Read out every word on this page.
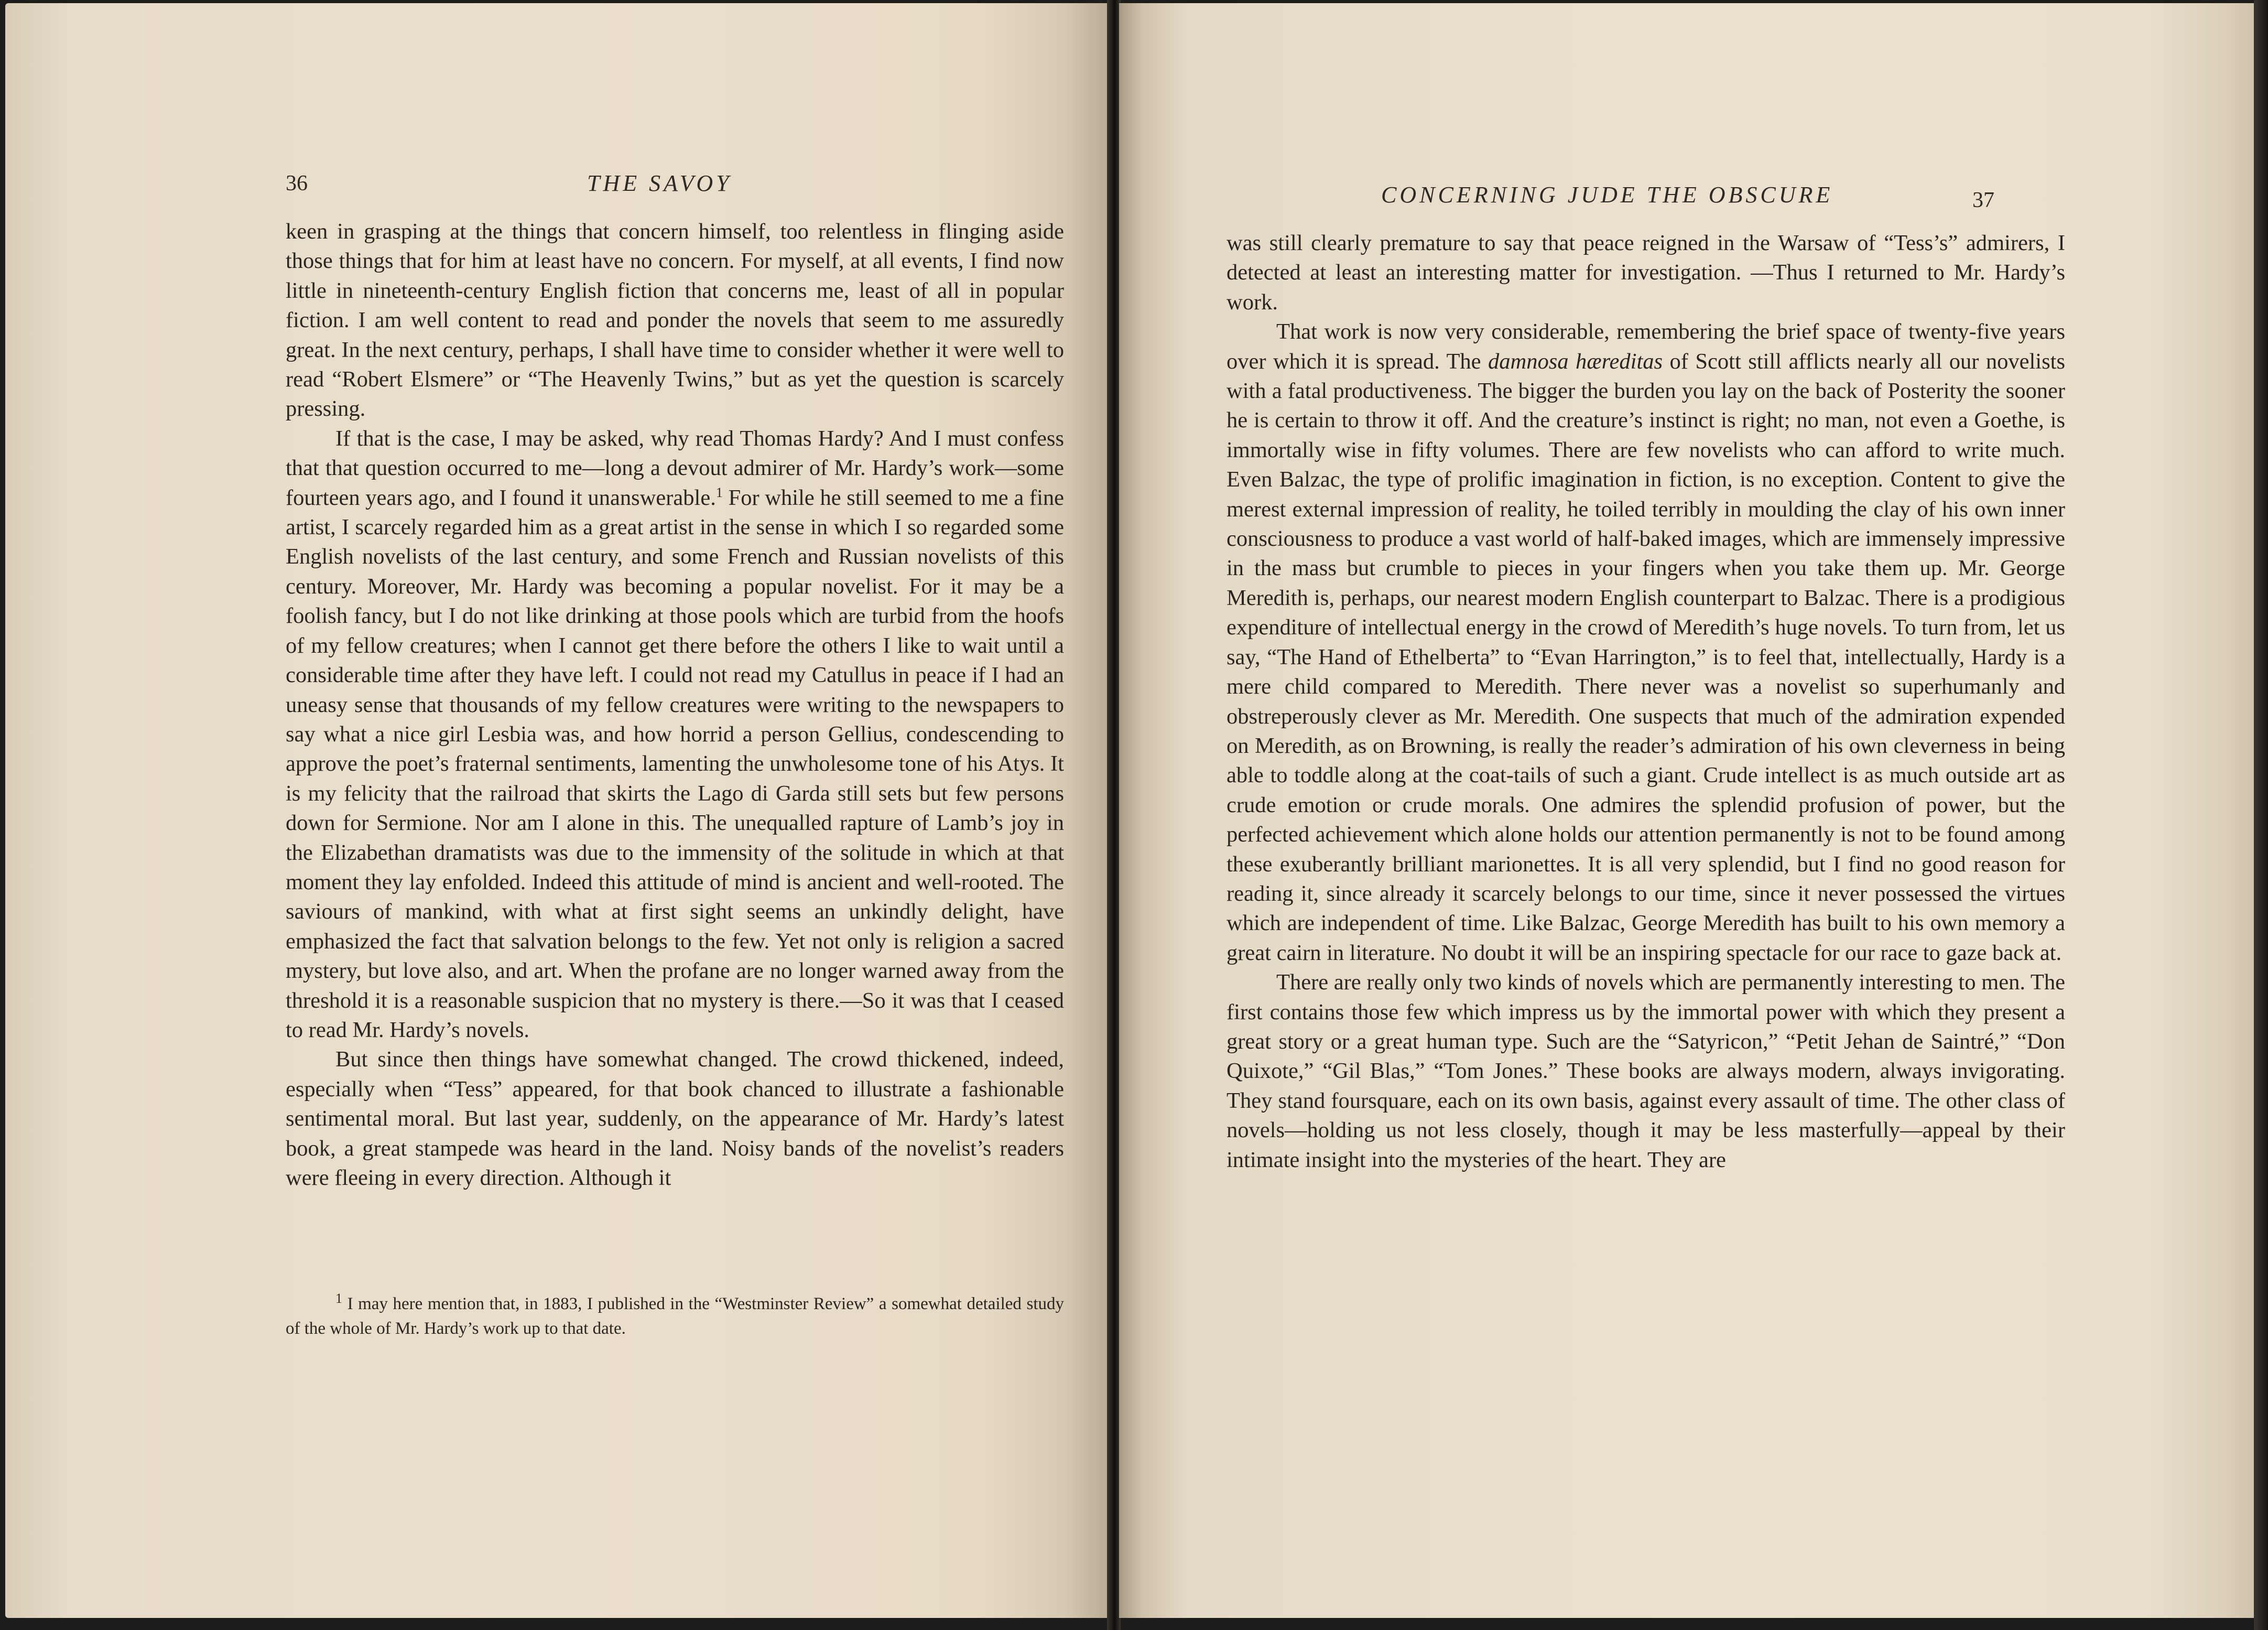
36	THE SAVOY

keen in grasping at the things that concern himself, too relentless in flinging aside those things that for him at least have no concern. For myself, at all events, I find now little in nineteenth-century English fiction that concerns me, least of all in popular fiction. I am well content to read and ponder the novels that seem to me assuredly great. In the next century, perhaps, I shall have time to consider whether it were well to read “Robert Elsmere” or “The Heavenly Twins,” but as yet the question is scarcely pressing.

If that is the case, I may be asked, why read Thomas Hardy? And I must confess that that question occurred to me—long a devout admirer of Mr. Hardy’s work—some fourteen years ago, and I found it unanswerable.$^1$ For while he still seemed to me a fine artist, I scarcely regarded him as a great artist in the sense in which I so regarded some English novelists of the last century, and some French and Russian novelists of this century. Moreover, Mr. Hardy was becoming a popular novelist. For it may be a foolish fancy, but I do not like drinking at those pools which are turbid from the hoofs of my fellow creatures; when I cannot get there before the others I like to wait until a considerable time after they have left. I could not read my Catullus in peace if I had an uneasy sense that thousands of my fellow creatures were writing to the newspapers to say what a nice girl Lesbia was, and how horrid a person Gellius, condescending to approve the poet’s fraternal sentiments, lamenting the unwholesome tone of his Atys. It is my felicity that the railroad that skirts the Lago di Garda still sets but few persons down for Sermione. Nor am I alone in this. The unequalled rapture of Lamb’s joy in the Elizabethan dramatists was due to the immensity of the solitude in which at that moment they lay enfolded. Indeed this attitude of mind is ancient and well-rooted. The saviours of mankind, with what at first sight seems an unkindly delight, have emphasized the fact that salvation belongs to the few. Yet not only is religion a sacred mystery, but love also, and art. When the profane are no longer warned away from the threshold it is a reasonable suspicion that no mystery is there.—So it was that I ceased to read Mr. Hardy’s novels.

But since then things have somewhat changed. The crowd thickened, indeed, especially when “Tess” appeared, for that book chanced to illustrate a fashionable sentimental moral. But last year, suddenly, on the appearance of Mr. Hardy’s latest book, a great stampede was heard in the land. Noisy bands of the novelist’s readers were fleeing in every direction. Although it

$^1$ I may here mention that, in 1883, I published in the “Westminster Review” a somewhat detailed study of the whole of Mr. Hardy’s work up to that date.
CONCERNING JUDE THE OBSCURE	37

was still clearly premature to say that peace reigned in the Warsaw of “Tess’s” admirers, I detected at least an interesting matter for investigation. —Thus I returned to Mr. Hardy’s work.

That work is now very considerable, remembering the brief space of twenty-five years over which it is spread. The damnosa hæreditas of Scott still afflicts nearly all our novelists with a fatal productiveness. The bigger the burden you lay on the back of Posterity the sooner he is certain to throw it off. And the creature’s instinct is right; no man, not even a Goethe, is immortally wise in fifty volumes. There are few novelists who can afford to write much. Even Balzac, the type of prolific imagination in fiction, is no exception. Content to give the merest external impression of reality, he toiled terribly in moulding the clay of his own inner consciousness to produce a vast world of half-baked images, which are immensely impressive in the mass but crumble to pieces in your fingers when you take them up. Mr. George Meredith is, perhaps, our nearest modern English counterpart to Balzac. There is a prodigious expenditure of intellectual energy in the crowd of Meredith’s huge novels. To turn from, let us say, “The Hand of Ethelberta” to “Evan Harrington,” is to feel that, intellectually, Hardy is a mere child compared to Meredith. There never was a novelist so superhumanly and obstreperously clever as Mr. Meredith. One suspects that much of the admiration expended on Meredith, as on Browning, is really the reader’s admiration of his own cleverness in being able to toddle along at the coat-tails of such a giant. Crude intellect is as much outside art as crude emotion or crude morals. One admires the splendid profusion of power, but the perfected achievement which alone holds our attention permanently is not to be found among these exuberantly brilliant marionettes. It is all very splendid, but I find no good reason for reading it, since already it scarcely belongs to our time, since it never possessed the virtues which are independent of time. Like Balzac, George Meredith has built to his own memory a great cairn in literature. No doubt it will be an inspiring spectacle for our race to gaze back at.

There are really only two kinds of novels which are permanently interesting to men. The first contains those few which impress us by the immortal power with which they present a great story or a great human type. Such are the “Satyricon,” “Petit Jehan de Saintré,” “Don Quixote,” “Gil Blas,” “Tom Jones.” These books are always modern, always invigorating. They stand foursquare, each on its own basis, against every assault of time. The other class of novels—holding us not less closely, though it may be less masterfully—appeal by their intimate insight into the mysteries of the heart. They are
